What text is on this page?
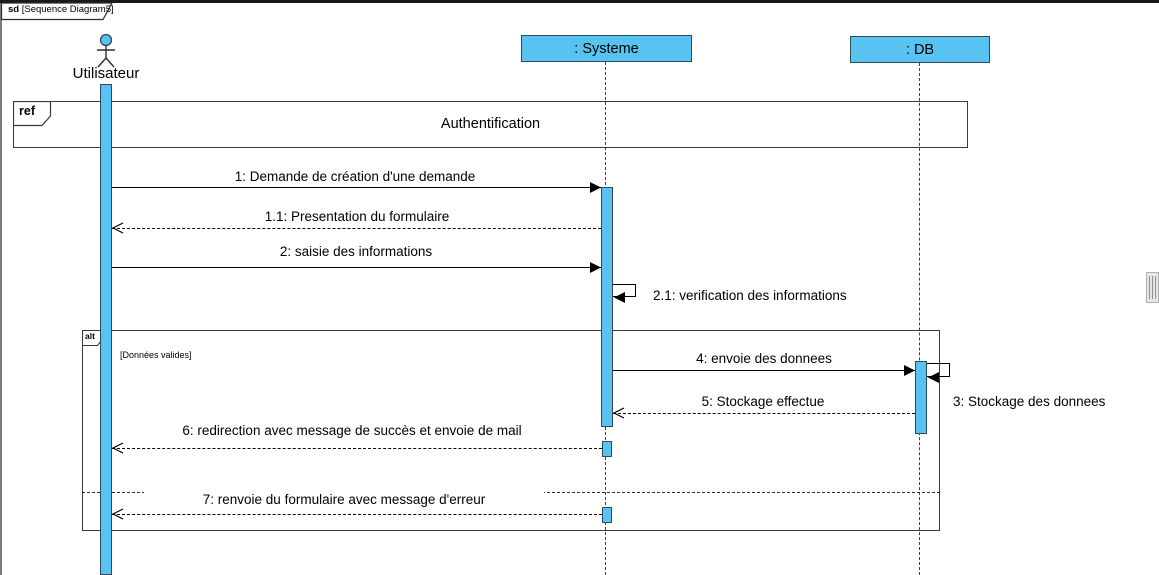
sd [Sequence Diagram5]
Utilisateur
: Systeme	: DB
ref
Authentification
1: Demande de création d'une demande
1.1: Presentation du formulaire
2: saisie des informations
2.1: verification des informations
alt
[Données valides]	4: envoie des donnees
3: Stockage des donnees
5: Stockage effectue
6: redirection avec message de succès et envoie de mail
7: renvoie du formulaire avec message d'erreur
